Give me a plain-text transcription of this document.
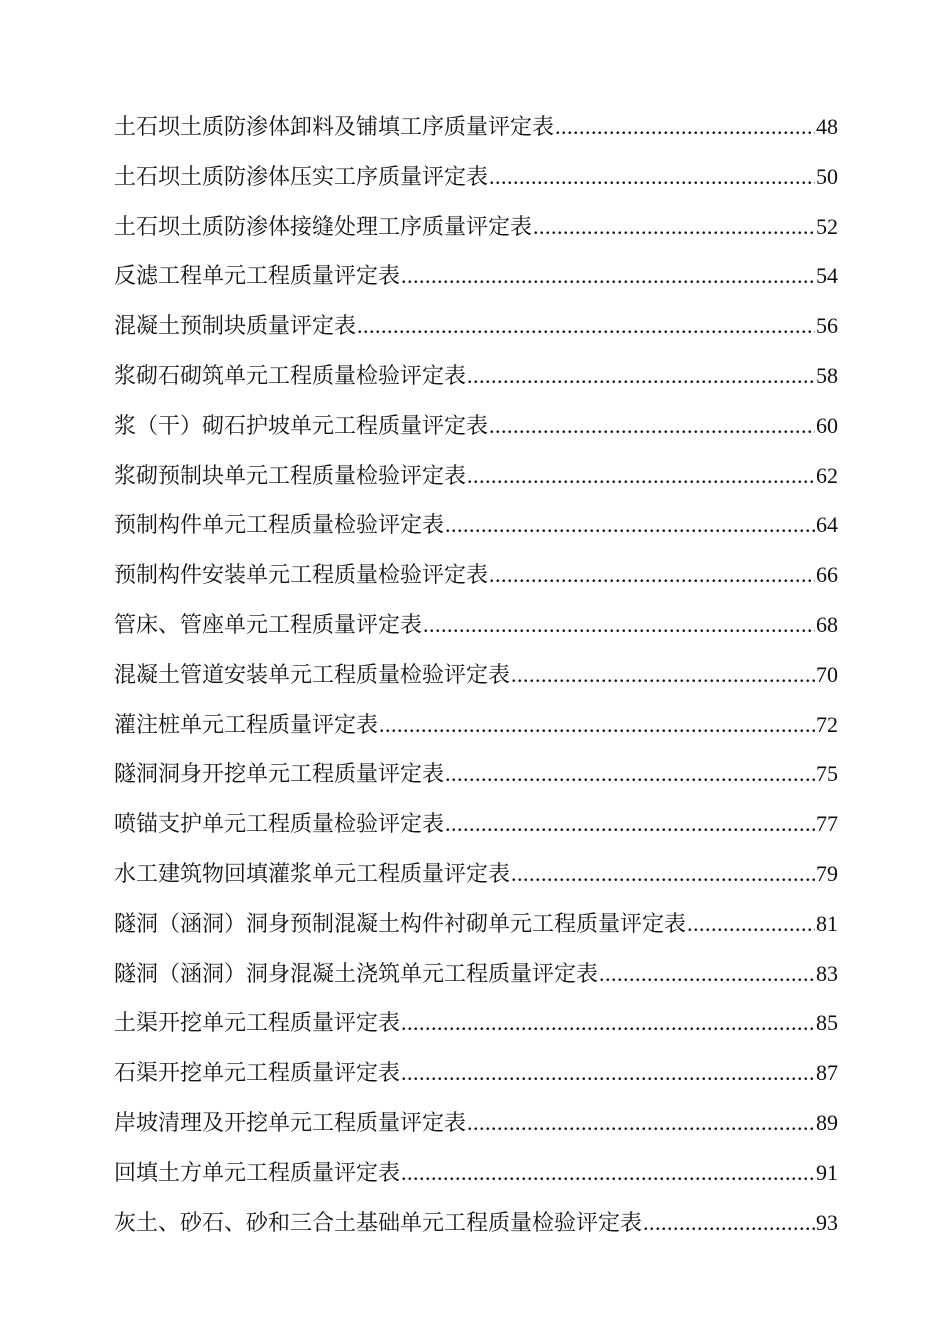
土石坝土质防渗体卸料及铺填工序质量评定表 .....	48
土石坝土质防渗体压实工序质量评定表 .....	50
土石坝土质防渗体接缝处理工序质量评定表 .....	52
反滤工程单元工程质量评定表 .....	54
混凝土预制块质量评定表 .....	56
浆砌石砌筑单元工程质量检验评定表 .....	58
浆（干）砌石护坡单元工程质量评定表 .....	60
浆砌预制块单元工程质量检验评定表 .....	62
预制构件单元工程质量检验评定表 .....	64
预制构件安装单元工程质量检验评定表 .....	66
管床、管座单元工程质量评定表 .....	68
混凝土管道安装单元工程质量检验评定表 .....	70
灌注桩单元工程质量评定表 .....	72
隧洞洞身开挖单元工程质量评定表 .....	75
喷锚支护单元工程质量检验评定表 .....	77
水工建筑物回填灌浆单元工程质量评定表 .....	79
隧洞（涵洞）洞身预制混凝土构件衬砌单元工程质量评定表 .....	81
隧洞（涵洞）洞身混凝土浇筑单元工程质量评定表 .....	83
土渠开挖单元工程质量评定表 .....	85
石渠开挖单元工程质量评定表 .....	87
岸坡清理及开挖单元工程质量评定表 .....	89
回填土方单元工程质量评定表 .....	91
灰土、砂石、砂和三合土基础单元工程质量检验评定表 .....	93
